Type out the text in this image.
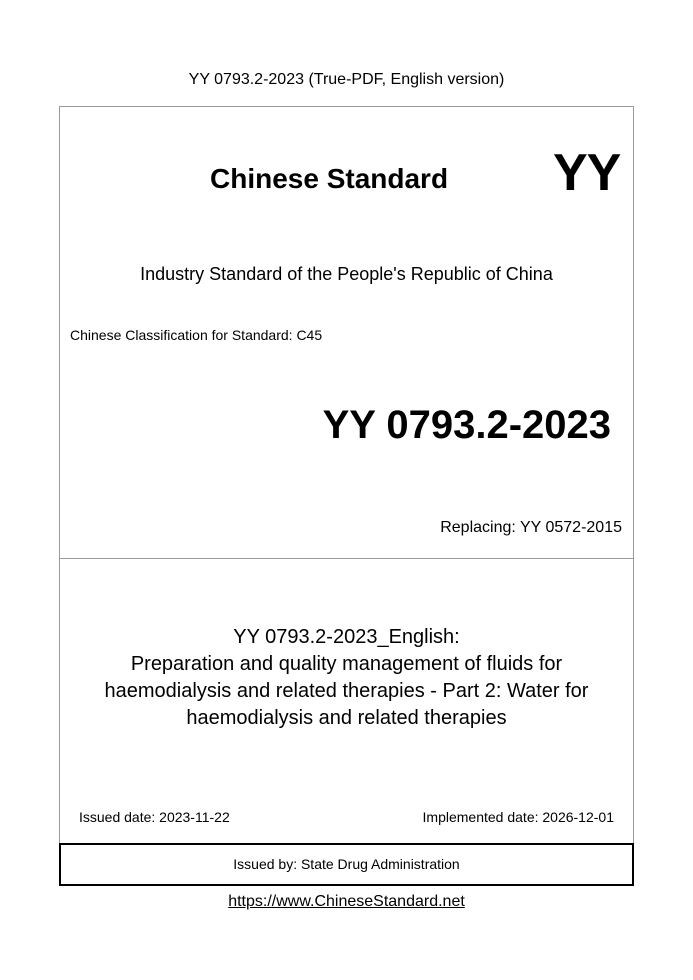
YY 0793.2-2023 (True-PDF, English version)
Chinese Standard YY
Industry Standard of the People's Republic of China
Chinese Classification for Standard: C45
YY 0793.2-2023
Replacing: YY 0572-2015
YY 0793.2-2023_English:
Preparation and quality management of fluids for
haemodialysis and related therapies - Part 2: Water for
haemodialysis and related therapies
Issued date: 2023-11-22	Implemented date: 2026-12-01
Issued by: State Drug Administration
https://www.ChineseStandard.net
